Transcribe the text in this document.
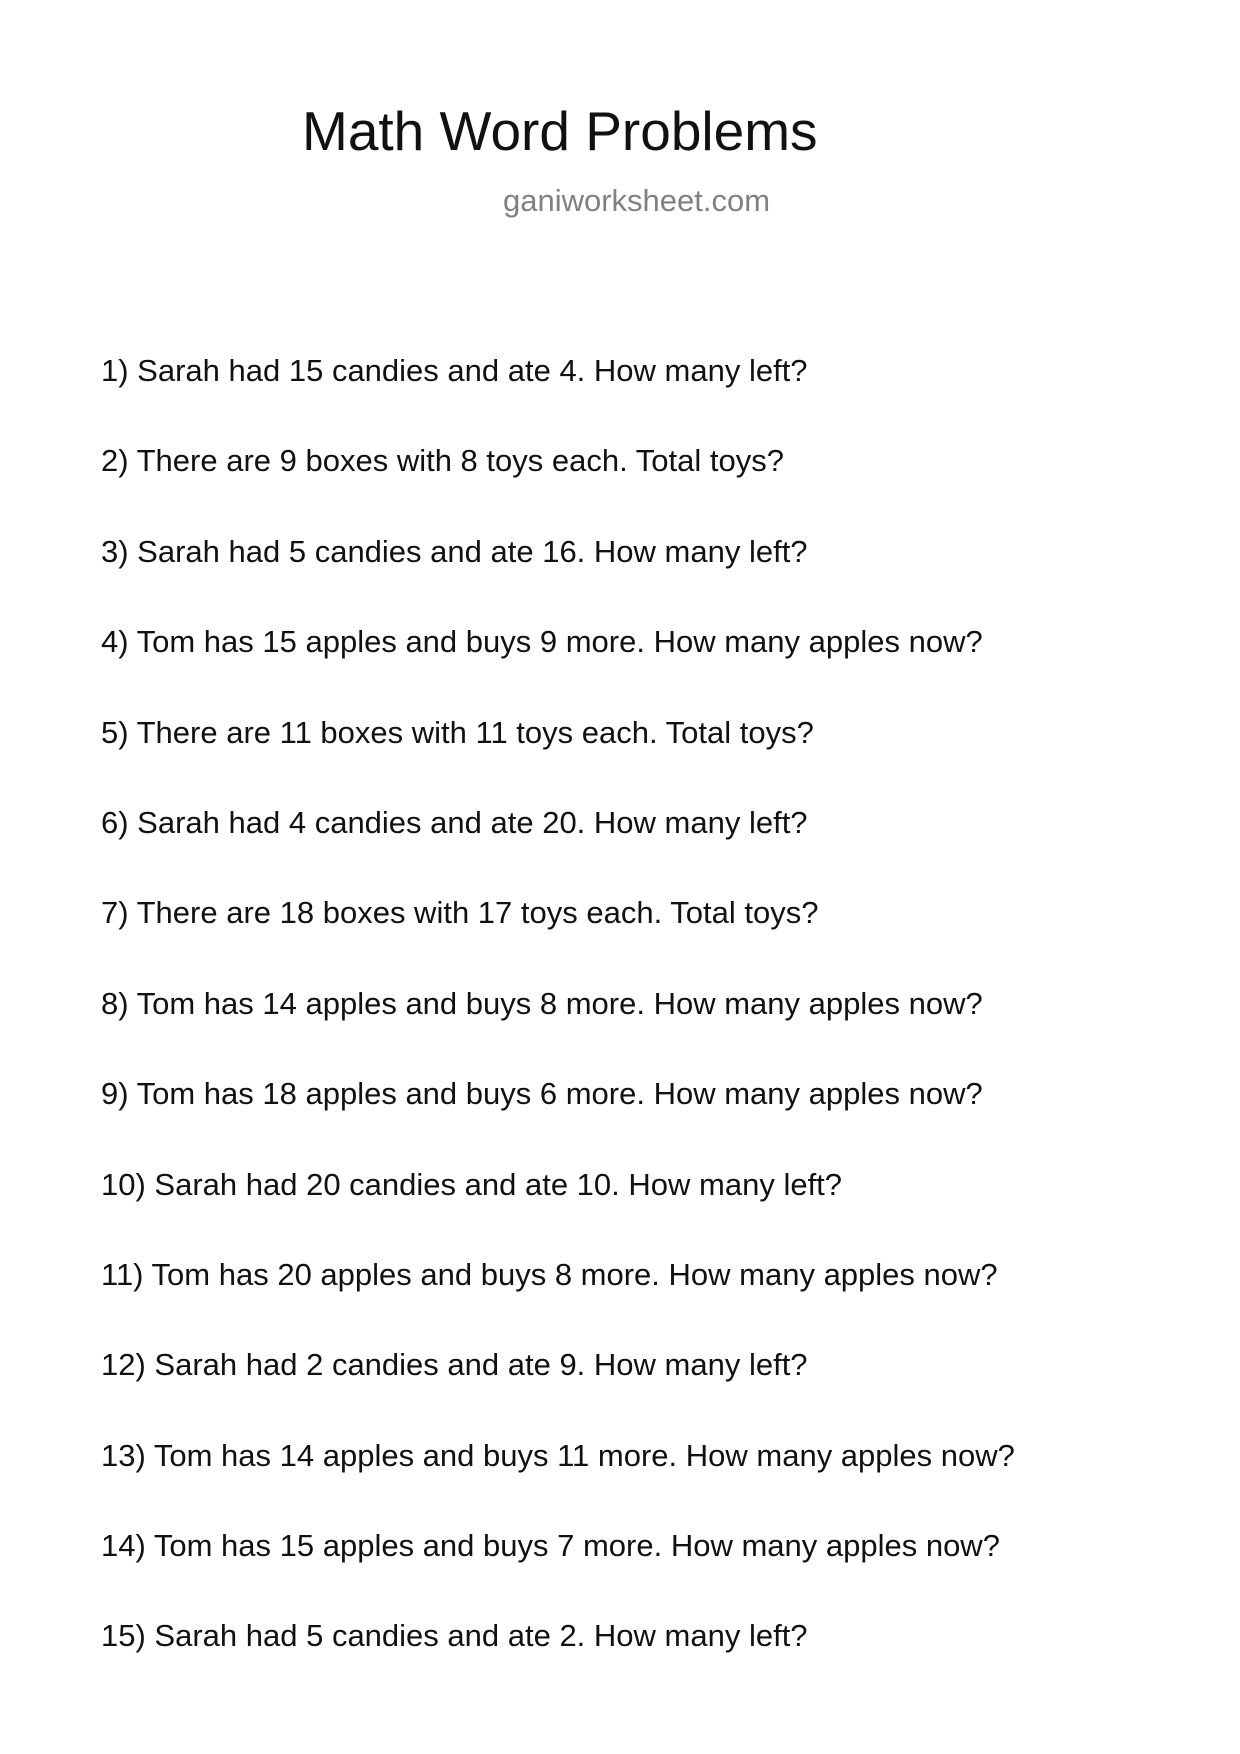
Math Word Problems
ganiworksheet.com
1) Sarah had 15 candies and ate 4. How many left?
2) There are 9 boxes with 8 toys each. Total toys?
3) Sarah had 5 candies and ate 16. How many left?
4) Tom has 15 apples and buys 9 more. How many apples now?
5) There are 11 boxes with 11 toys each. Total toys?
6) Sarah had 4 candies and ate 20. How many left?
7) There are 18 boxes with 17 toys each. Total toys?
8) Tom has 14 apples and buys 8 more. How many apples now?
9) Tom has 18 apples and buys 6 more. How many apples now?
10) Sarah had 20 candies and ate 10. How many left?
11) Tom has 20 apples and buys 8 more. How many apples now?
12) Sarah had 2 candies and ate 9. How many left?
13) Tom has 14 apples and buys 11 more. How many apples now?
14) Tom has 15 apples and buys 7 more. How many apples now?
15) Sarah had 5 candies and ate 2. How many left?
